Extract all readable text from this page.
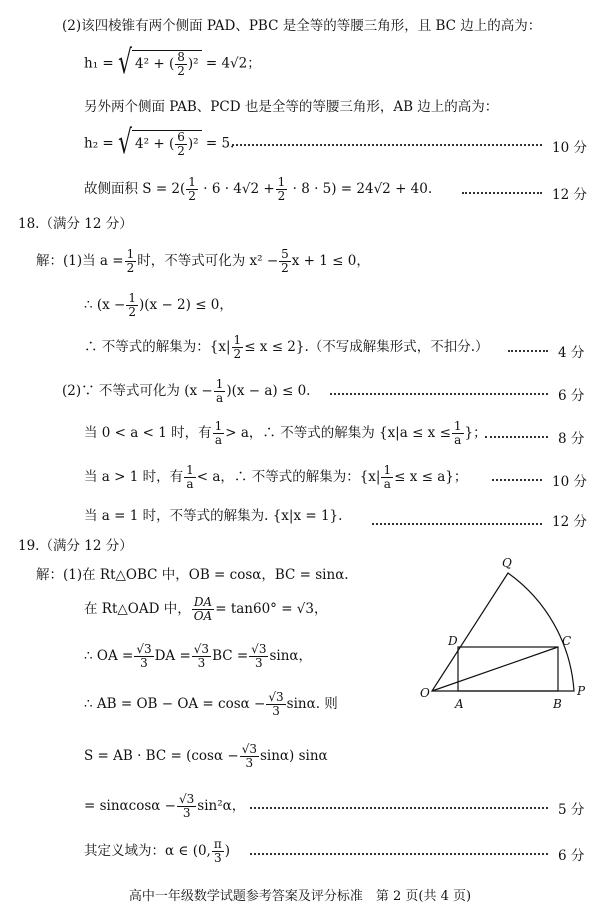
(2)该四棱锥有两个侧面 PAD、PBC 是全等的等腰三角形，且 BC 边上的高为：
h₁ = √ 4² + ( $\frac{8}{2} )^2 = 4√2$；
另外两个侧面 PAB、PCD 也是全等的等腰三角形，AB 边上的高为：
h₂ = √ 4² + ( $\frac{6}{2} )^2 = 5$.	10 分
故侧面积 $S = 2( \frac{1}{2} \cdot 6 \cdot 4√2 + \frac{1}{2} \cdot 8 \cdot 5) = 24√2 + 40$.	12 分
18.（满分 12 分）
解：(1)当 $a = \frac{1}{2}$ 时，不等式可化为 $x^2 - \frac{5}{2}$ x + 1 ≤ 0，
∴ $(x - \frac{1}{2} )(x - 2) \le 0$，
∴ 不等式的解集为：$\{x| \frac{1}{2} \le x \le 2\}$.（不写成解集形式，不扣分.）	4 分
(2)∵ 不等式可化为 $(x - \frac{1}{a} )(x - a) \le 0$.	6 分
当 0 < a < 1 时，有 $\frac{1}{a} > a$，∴ 不等式的解集为 {$x|a \le x \le \frac{1}{a}$ }；	8 分
当 a > 1 时，有 $\frac{1}{a} < a$，∴ 不等式的解集为：$\{x| \frac{1}{a} \le x \le a\}$；	10 分
当 a = 1 时，不等式的解集为. {x|x = 1}.	12 分
19.（满分 12 分）
解：(1)在 Rt△OBC 中，OB = cosα，BC = sinα.
在 Rt△OAD 中， $\frac{DA}{OA} = \tan 60^\circ = √3$，
∴ OA = $\frac{√3}{3}$ DA = $\frac{√3}{3}$ BC = $\frac{√3}{3}$ sinα，
∴ AB = OB − OA = $\cos\alpha - \frac{√3}{3} \sin\alpha$. 则
S = AB · BC = $(\cos\alpha - \frac{√3}{3} \sin\alpha)$ sinα
= $\sin\alpha\cos\alpha - \frac{√3}{3} \sin^2\alpha$，	5 分
其定义域为：α ∈ (0, $\frac{\pi}{3}$ )	6 分
Q
D	C
O
A	B
P
高中一年级数学试题参考答案及评分标准　第 2 页(共 4 页)
